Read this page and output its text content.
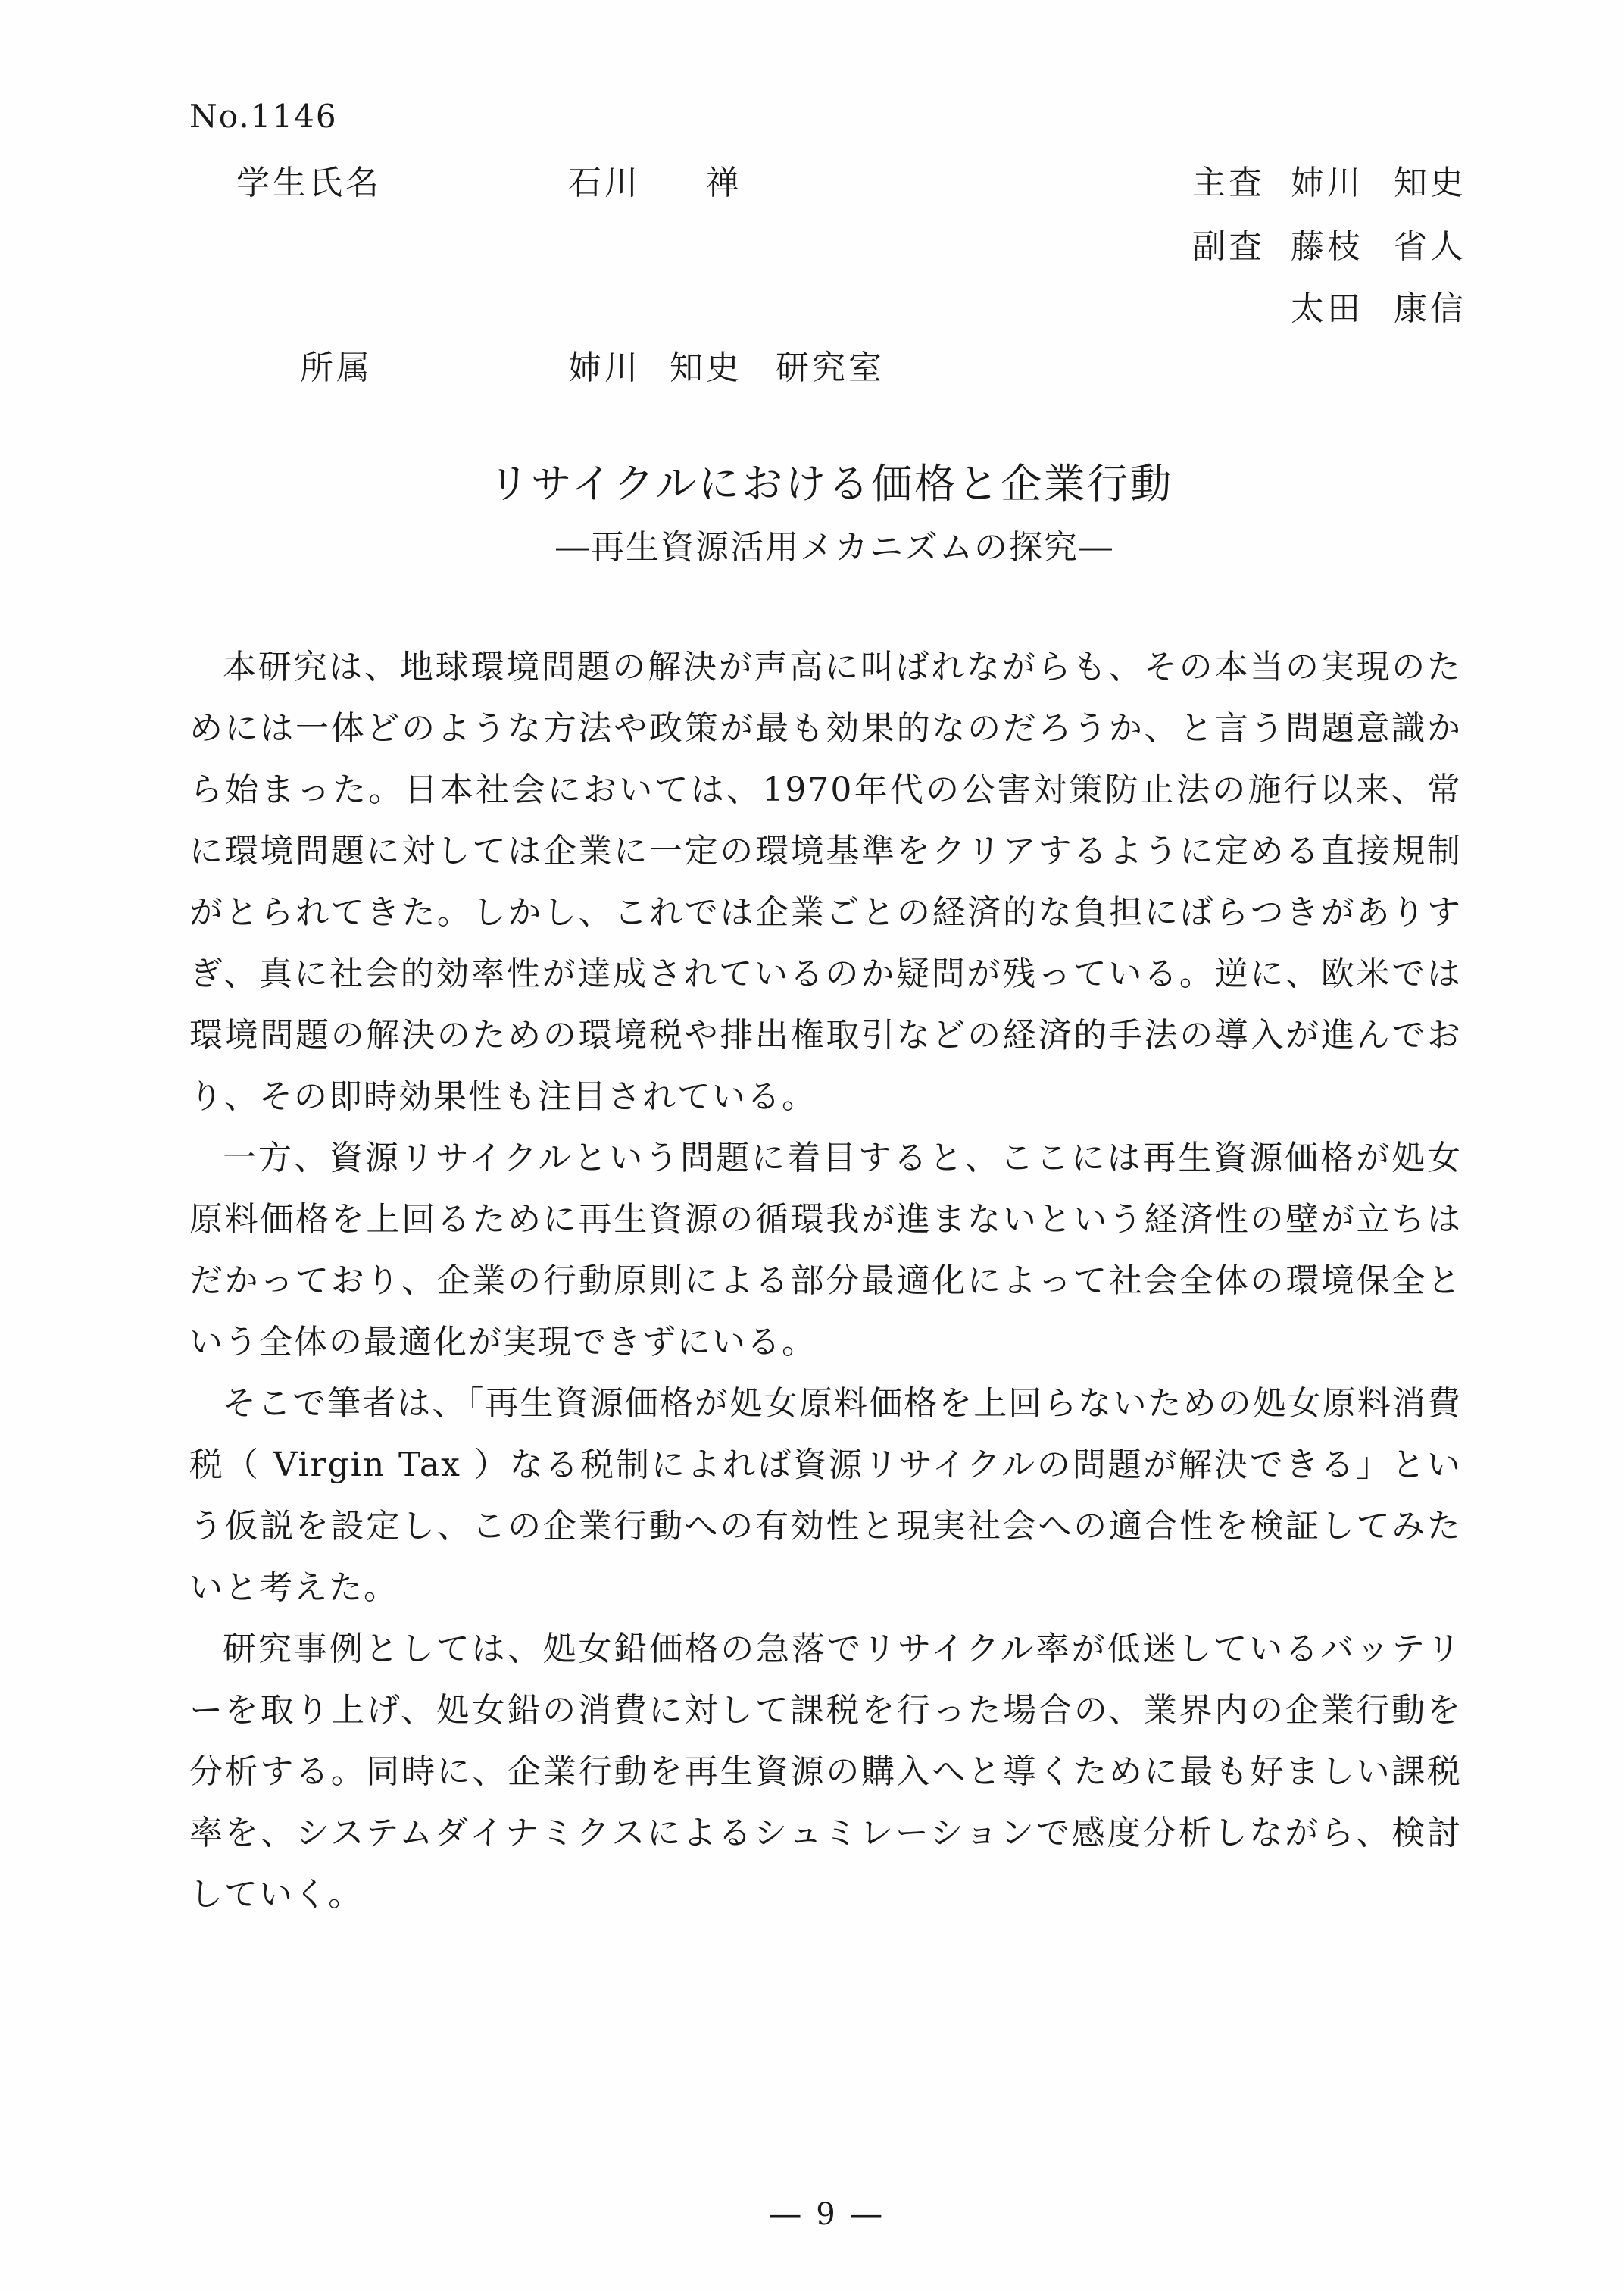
No.1146
学生氏名	石川 禅	主査 姉川 知史
副査 藤枝 省人
太田 康信
所属	姉川 知史 研究室
リサイクルにおける価格と企業行動
―再生資源活用メカニズムの探究―

本研究は、地球環境問題の解決が声高に叫ばれながらも、その本当の実現のためには一体どのような方法や政策が最も効果的なのだろうか、と言う問題意識から始まった。日本社会においては、1970年代の公害対策防止法の施行以来、常に環境問題に対しては企業に一定の環境基準をクリアするように定める直接規制がとられてきた。しかし、これでは企業ごとの経済的な負担にばらつきがありすぎ、真に社会的効率性が達成されているのか疑問が残っている。逆に、欧米では環境問題の解決のための環境税や排出権取引などの経済的手法の導入が進んでおり、その即時効果性も注目されている。

一方、資源リサイクルという問題に着目すると、ここには再生資源価格が処女原料価格を上回るために再生資源の循環我が進まないという経済性の壁が立ちはだかっており、企業の行動原則による部分最適化によって社会全体の環境保全という全体の最適化が実現できずにいる。

そこで筆者は、「再生資源価格が処女原料価格を上回らないための処女原料消費税（ Virgin Tax ）なる税制によれば資源リサイクルの問題が解決できる」という仮説を設定し、この企業行動への有効性と現実社会への適合性を検証してみたいと考えた。

研究事例としては、処女鉛価格の急落でリサイクル率が低迷しているバッテリーを取り上げ、処女鉛の消費に対して課税を行った場合の、業界内の企業行動を分析する。同時に、企業行動を再生資源の購入へと導くために最も好ましい課税率を、システムダイナミクスによるシュミレーションで感度分析しながら、検討していく。

― 9 ―
